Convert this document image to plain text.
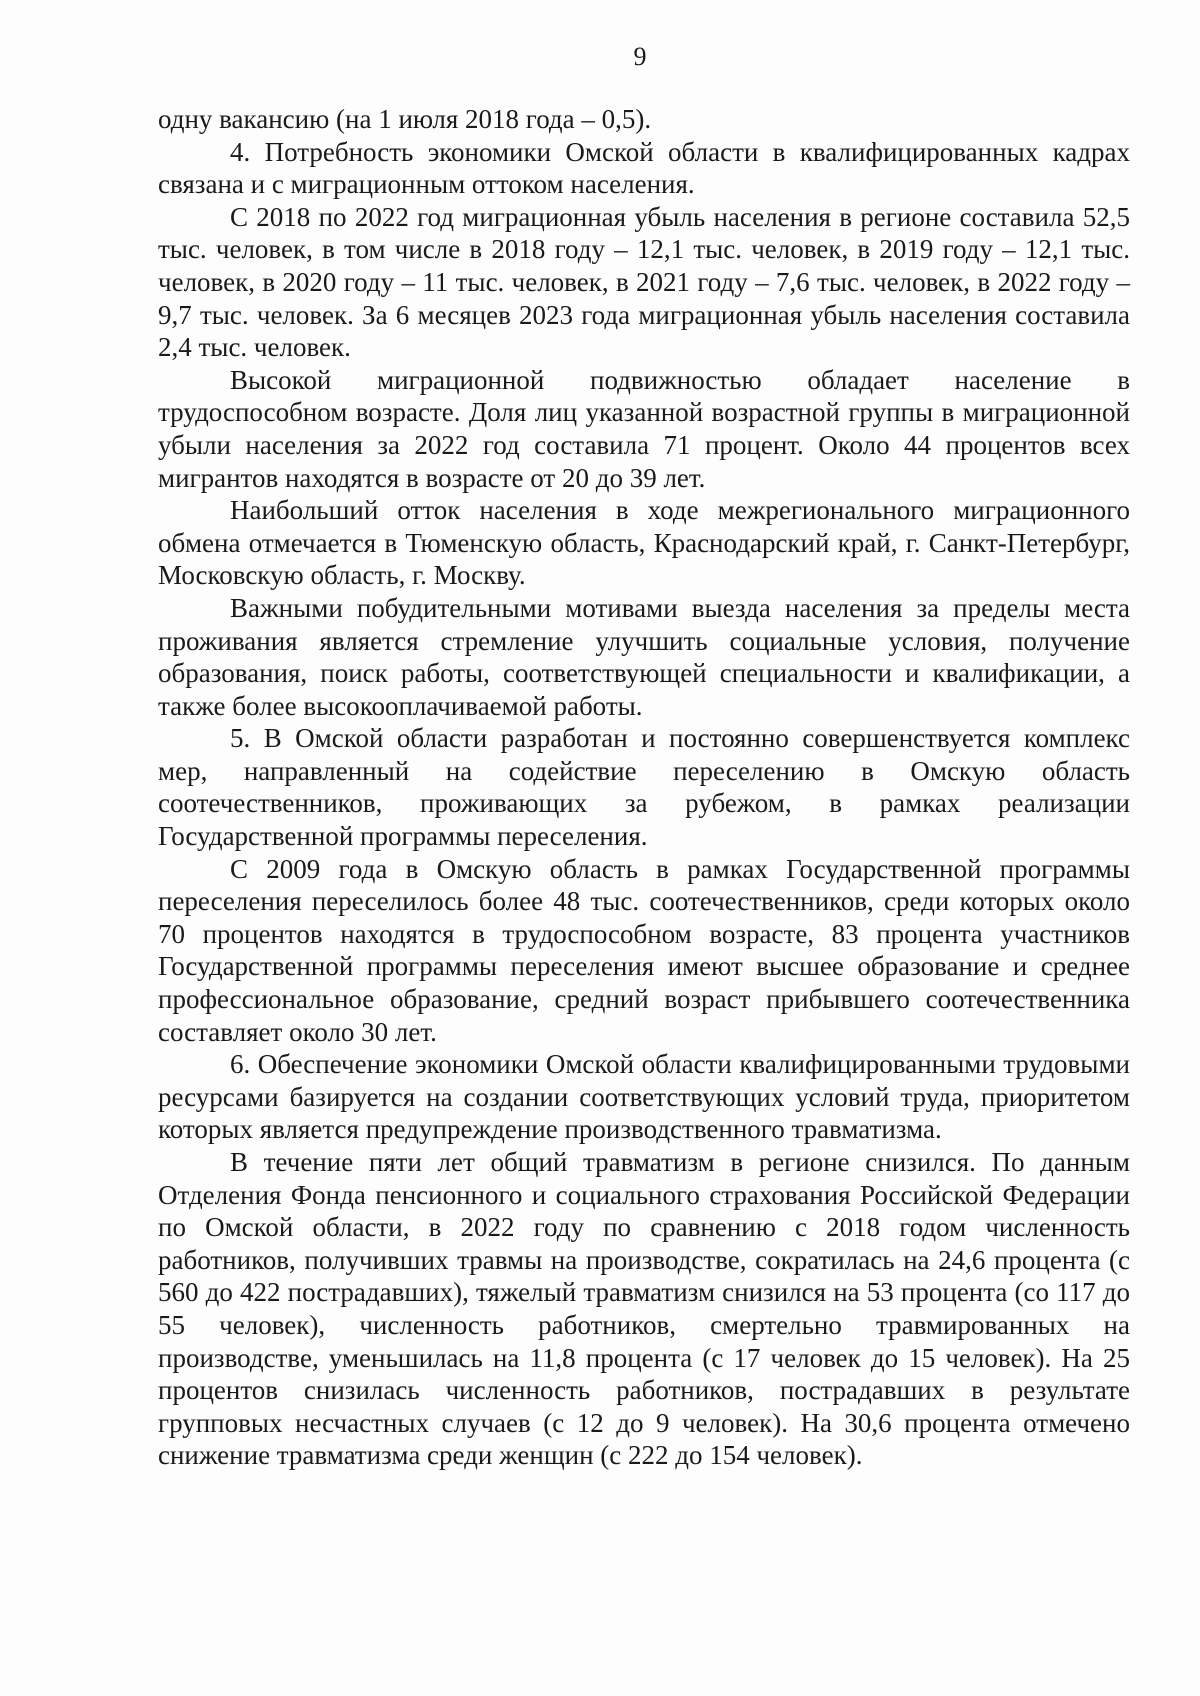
9

одну вакансию (на 1 июля 2018 года – 0,5).

4. Потребность экономики Омской области в квалифицированных кадрах связана и с миграционным оттоком населения.

С 2018 по 2022 год миграционная убыль населения в регионе составила 52,5 тыс. человек, в том числе в 2018 году – 12,1 тыс. человек, в 2019 году – 12,1 тыс. человек, в 2020 году – 11 тыс. человек, в 2021 году – 7,6 тыс. человек, в 2022 году – 9,7 тыс. человек. За 6 месяцев 2023 года миграционная убыль населения составила 2,4 тыс. человек.

Высокой миграционной подвижностью обладает население в трудоспособном возрасте. Доля лиц указанной возрастной группы в миграционной убыли населения за 2022 год составила 71 процент. Около 44 процентов всех мигрантов находятся в возрасте от 20 до 39 лет.

Наибольший отток населения в ходе межрегионального миграционного обмена отмечается в Тюменскую область, Краснодарский край, г. Санкт-Петербург, Московскую область, г. Москву.

Важными побудительными мотивами выезда населения за пределы места проживания является стремление улучшить социальные условия, получение образования, поиск работы, соответствующей специальности и квалификации, а также более высокооплачиваемой работы.

5. В Омской области разработан и постоянно совершенствуется комплекс мер, направленный на содействие переселению в Омскую область соотечественников, проживающих за рубежом, в рамках реализации Государственной программы переселения.

С 2009 года в Омскую область в рамках Государственной программы переселения переселилось более 48 тыс. соотечественников, среди которых около 70 процентов находятся в трудоспособном возрасте, 83 процента участников Государственной программы переселения имеют высшее образование и среднее профессиональное образование, средний возраст прибывшего соотечественника составляет около 30 лет.

6. Обеспечение экономики Омской области квалифицированными трудовыми ресурсами базируется на создании соответствующих условий труда, приоритетом которых является предупреждение производственного травматизма.

В течение пяти лет общий травматизм в регионе снизился. По данным Отделения Фонда пенсионного и социального страхования Российской Федерации по Омской области, в 2022 году по сравнению с 2018 годом численность работников, получивших травмы на производстве, сократилась на 24,6 процента (с 560 до 422 пострадавших), тяжелый травматизм снизился на 53 процента (со 117 до 55 человек), численность работников, смертельно травмированных на производстве, уменьшилась на 11,8 процента (с 17 человек до 15 человек). На 25 процентов снизилась численность работников, пострадавших в результате групповых несчастных случаев (с 12 до 9 человек). На 30,6 процента отмечено снижение травматизма среди женщин (с 222 до 154 человек).
